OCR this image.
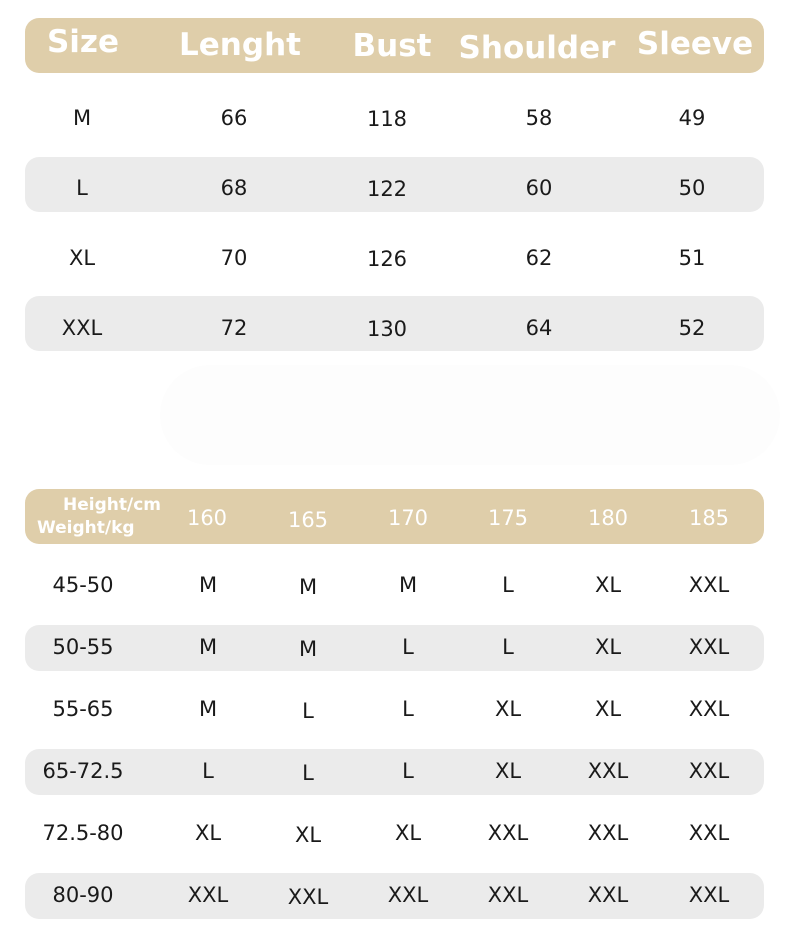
Size Lenght Bust Shoulder Sleeve
M	66	118	58	49
L	68	122	60	50
XL	70	126	62	51
XXL	72	130	64	52
Height/cm
Weight/kg 160	165	170	175	180	185
45-50	M	M	M	L	XL	XXL
50-55	M	M	L	L	XL	XXL
55-65	M	L	L	XL	XL	XXL
65-72.5	L	L	L	XL	XXL	XXL
72.5-80	XL	XL	XL	XXL	XXL	XXL
80-90	XXL	XXL	XXL	XXL	XXL	XXL
